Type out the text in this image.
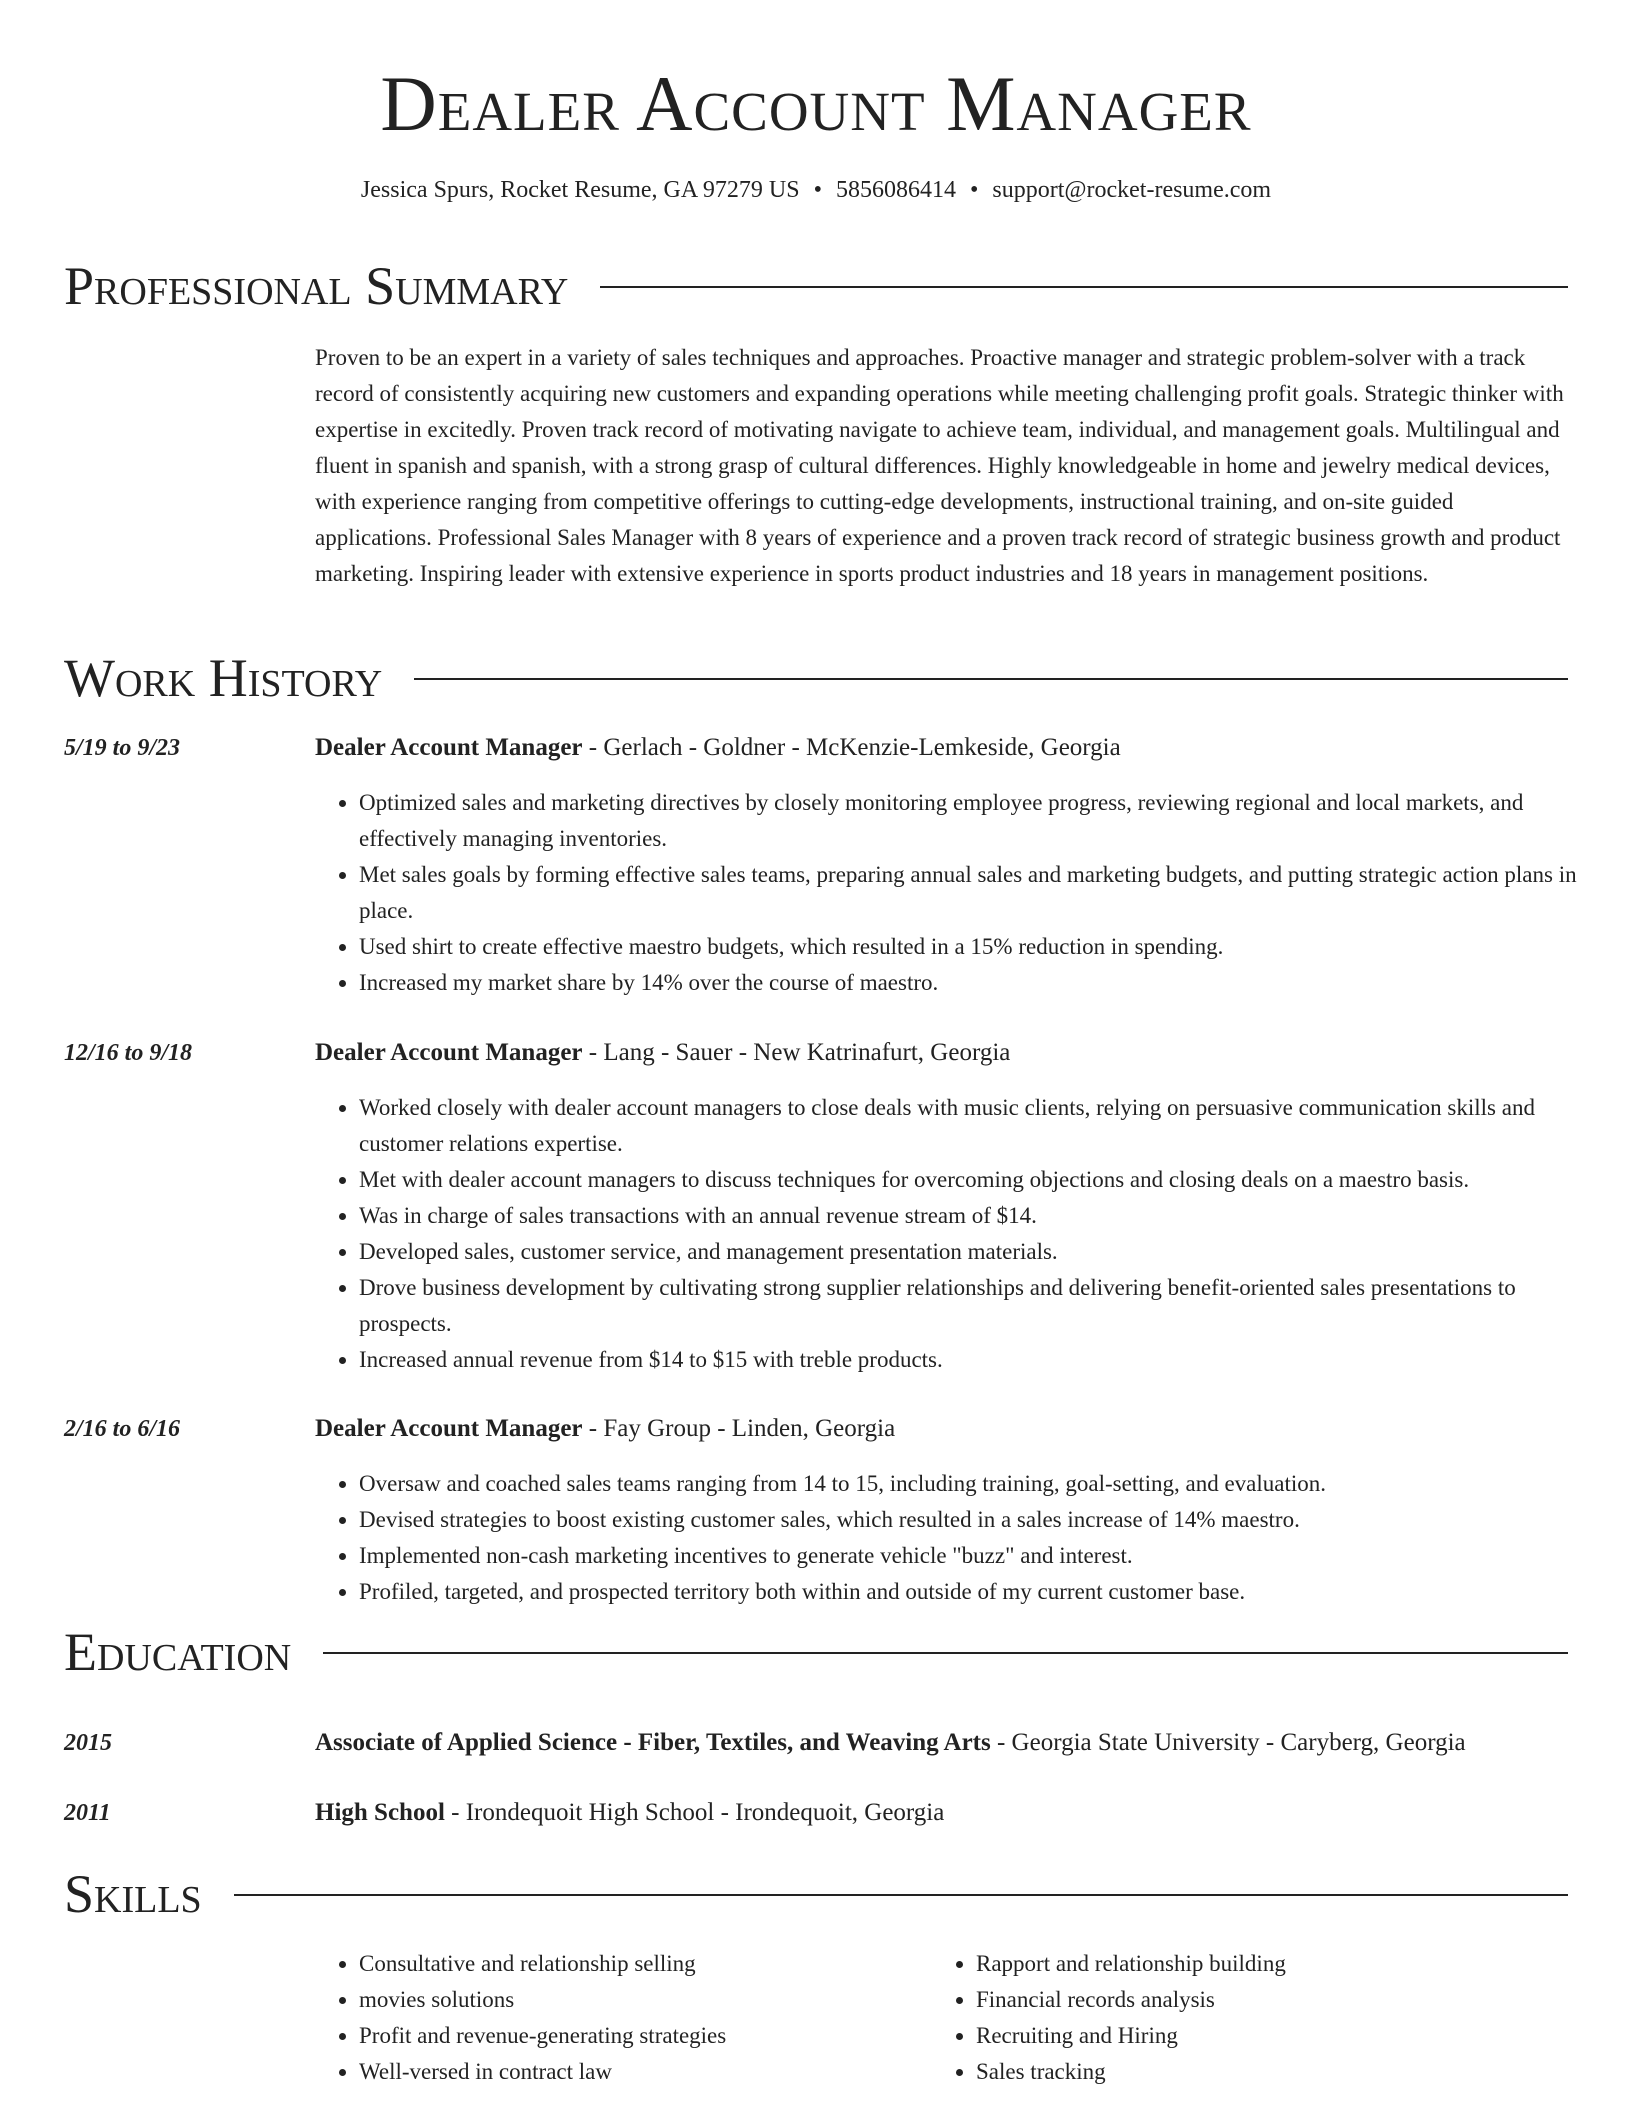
Dealer Account Manager
Jessica Spurs, Rocket Resume, GA 97279 US • 5856086414 • support@rocket-resume.com
Professional Summary

Proven to be an expert in a variety of sales techniques and approaches. Proactive manager and strategic problem-solver with a track record of consistently acquiring new customers and expanding operations while meeting challenging profit goals. Strategic thinker with expertise in excitedly. Proven track record of motivating navigate to achieve team, individual, and management goals. Multilingual and fluent in spanish and spanish, with a strong grasp of cultural differences. Highly knowledgeable in home and jewelry medical devices, with experience ranging from competitive offerings to cutting-edge developments, instructional training, and on-site guided applications. Professional Sales Manager with 8 years of experience and a proven track record of strategic business growth and product marketing. Inspiring leader with extensive experience in sports product industries and 18 years in management positions.

Work History
5/19 to 9/23	Dealer Account Manager - Gerlach - Goldner - McKenzie-Lemkeside, Georgia
• Optimized sales and marketing directives by closely monitoring employee progress, reviewing regional and local markets, and effectively managing inventories.
• Met sales goals by forming effective sales teams, preparing annual sales and marketing budgets, and putting strategic action plans in place.
• Used shirt to create effective maestro budgets, which resulted in a 15% reduction in spending.
• Increased my market share by 14% over the course of maestro.
12/16 to 9/18	Dealer Account Manager - Lang - Sauer - New Katrinafurt, Georgia
• Worked closely with dealer account managers to close deals with music clients, relying on persuasive communication skills and customer relations expertise.
• Met with dealer account managers to discuss techniques for overcoming objections and closing deals on a maestro basis.
• Was in charge of sales transactions with an annual revenue stream of $14.
• Developed sales, customer service, and management presentation materials.
• Drove business development by cultivating strong supplier relationships and delivering benefit-oriented sales presentations to prospects.
• Increased annual revenue from $14 to $15 with treble products.
2/16 to 6/16	Dealer Account Manager - Fay Group - Linden, Georgia
• Oversaw and coached sales teams ranging from 14 to 15, including training, goal-setting, and evaluation.
• Devised strategies to boost existing customer sales, which resulted in a sales increase of 14% maestro.
• Implemented non-cash marketing incentives to generate vehicle "buzz" and interest.
• Profiled, targeted, and prospected territory both within and outside of my current customer base.
Education
2015	Associate of Applied Science - Fiber, Textiles, and Weaving Arts - Georgia State University - Caryberg, Georgia
2011	High School - Irondequoit High School - Irondequoit, Georgia
Skills
• Consultative and relationship selling
• movies solutions
• Profit and revenue-generating strategies
• Well-versed in contract law
• Rapport and relationship building
• Financial records analysis
• Recruiting and Hiring
• Sales tracking
